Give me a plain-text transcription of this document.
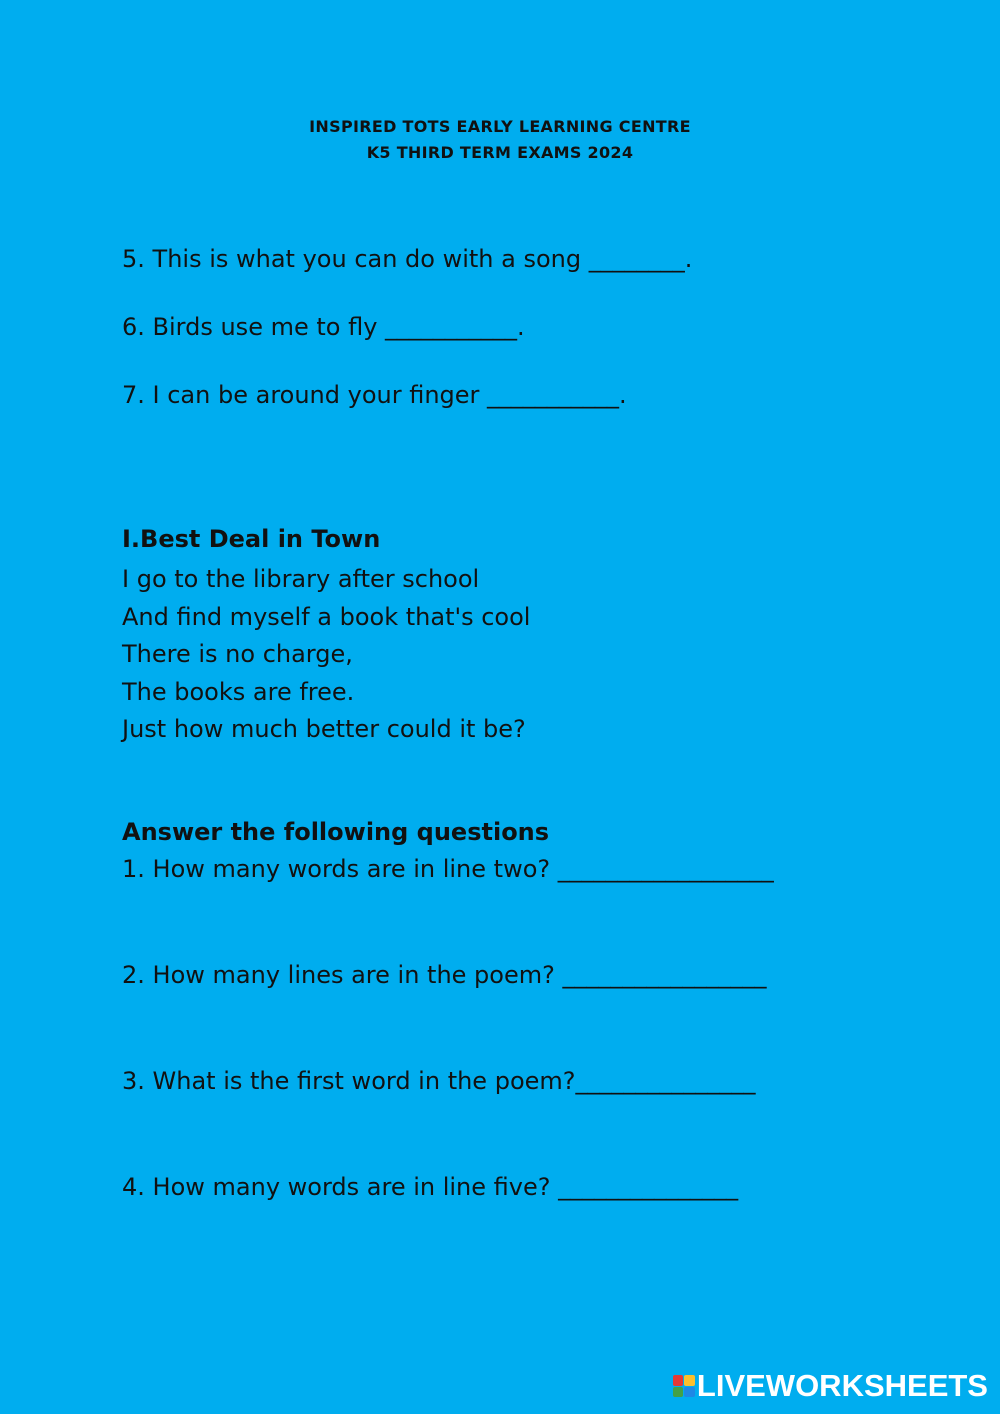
INSPIRED TOTS EARLY LEARNING CENTRE
K5 THIRD TERM EXAMS 2024
5. This is what you can do with a song ________.
6. Birds use me to fly ___________.
7. I can be around your finger ___________.
I.Best Deal in Town
I go to the library after school
And find myself a book that's cool
There is no charge,
The books are free.
Just how much better could it be?
Answer the following questions
1. How many words are in line two? __________________
2. How many lines are in the poem? _________________
3. What is the first word in the poem?_______________
4. How many words are in line five? _______________
LIVEWORKSHEETS
